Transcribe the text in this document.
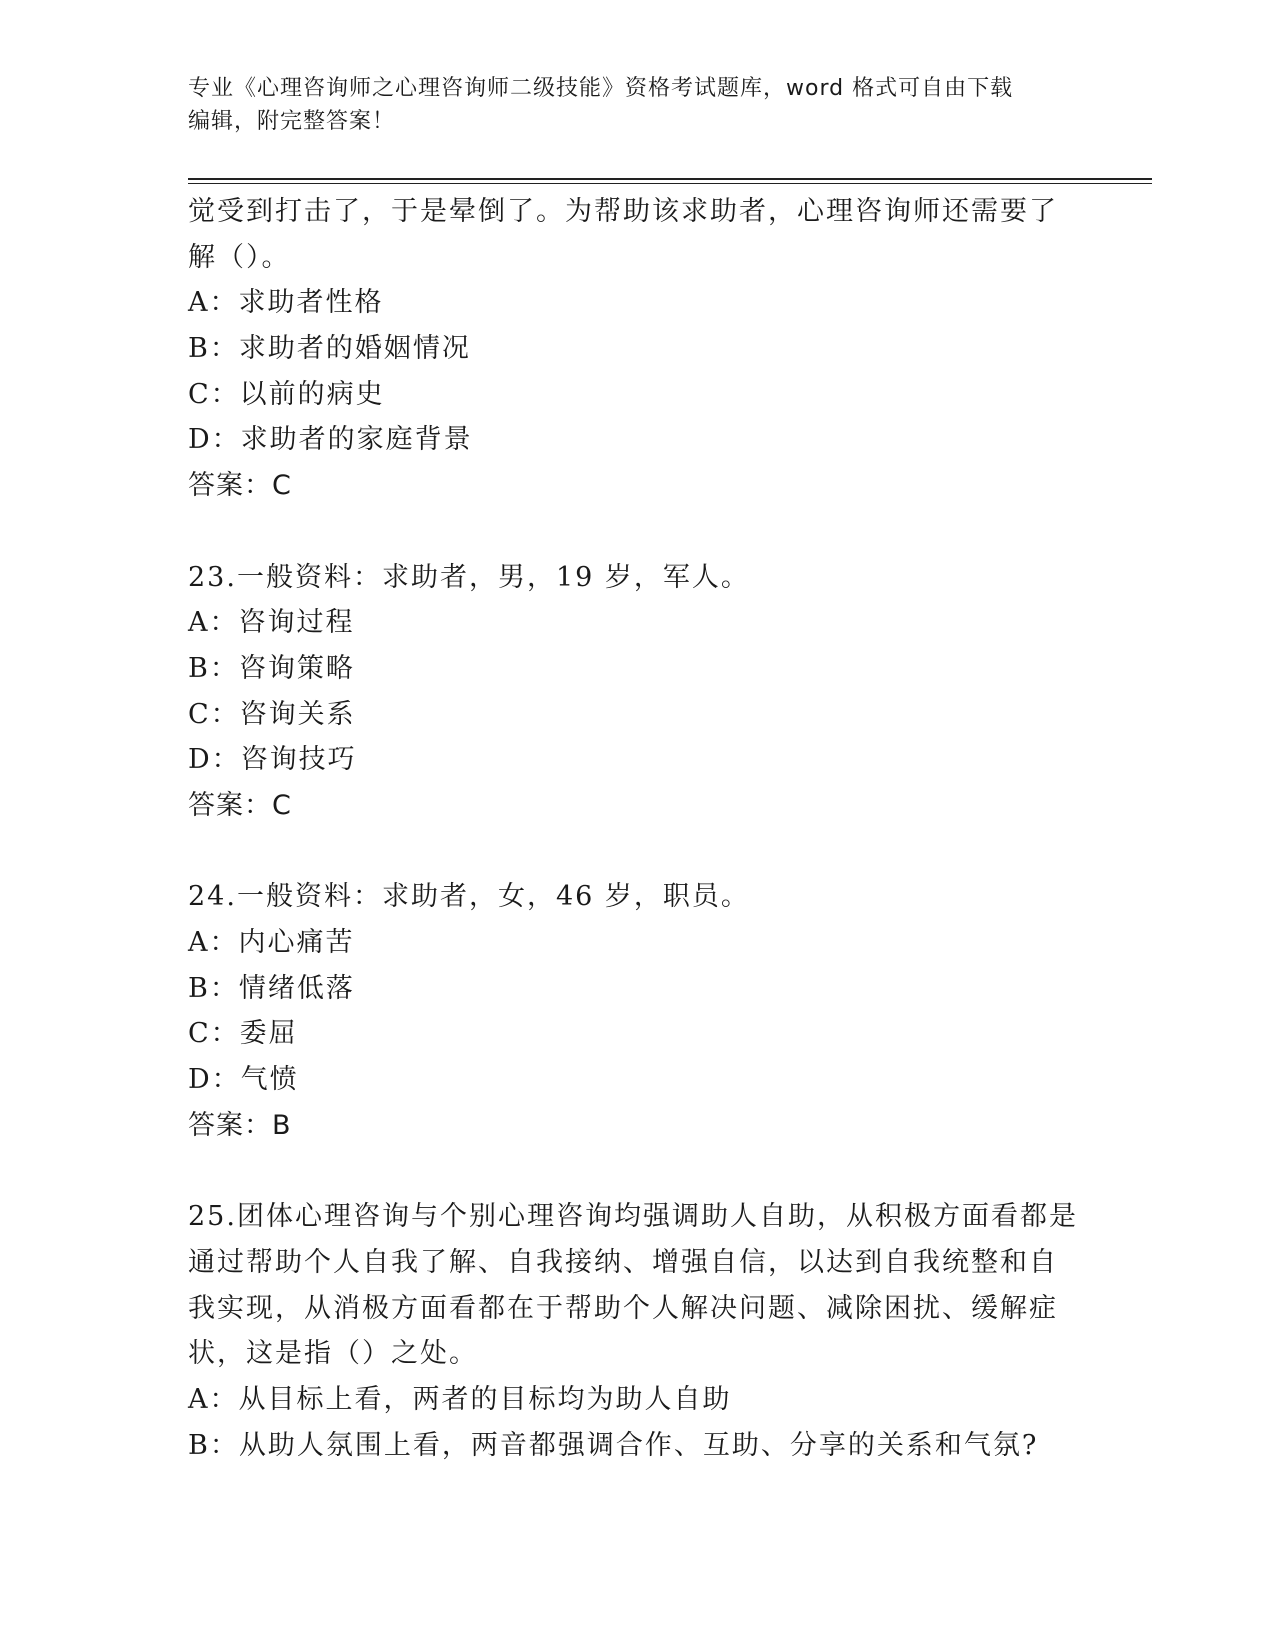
专业《心理咨询师之心理咨询师二级技能》资格考试题库，word 格式可自由下载
编辑，附完整答案！
觉受到打击了，于是晕倒了。为帮助该求助者，心理咨询师还需要了
解（）。
A：求助者性格
B：求助者的婚姻情况
C：以前的病史
D：求助者的家庭背景
答案：C
23.一般资料：求助者，男，19 岁，军人。
A：咨询过程
B：咨询策略
C：咨询关系
D：咨询技巧
答案：C
24.一般资料：求助者，女，46 岁，职员。
A：内心痛苦
B：情绪低落
C：委屈
D：气愤
答案：B
25.团体心理咨询与个别心理咨询均强调助人自助，从积极方面看都是
通过帮助个人自我了解、自我接纳、增强自信，以达到自我统整和自
我实现，从消极方面看都在于帮助个人解决问题、减除困扰、缓解症
状，这是指（）之处。
A：从目标上看，两者的目标均为助人自助
B：从助人氛围上看，两音都强调合作、互助、分享的关系和气氛?
